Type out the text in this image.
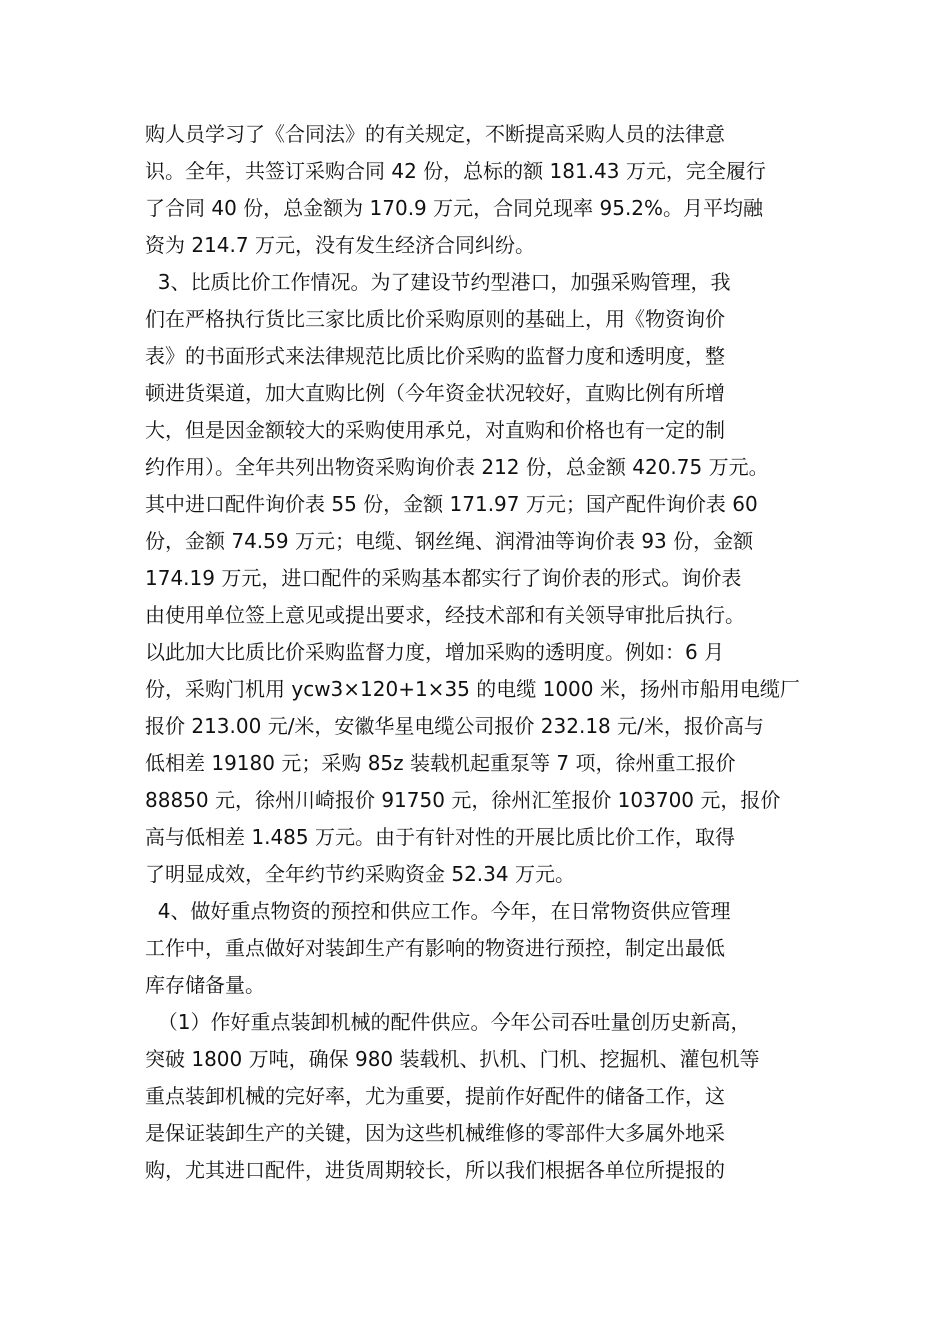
购人员学习了《合同法》的有关规定，不断提高采购人员的法律意
识。全年，共签订采购合同 42 份，总标的额 181.43 万元，完全履行
了合同 40 份，总金额为 170.9 万元，合同兑现率 95.2%。月平均融
资为 214.7 万元，没有发生经济合同纠纷。
3、比质比价工作情况。为了建设节约型港口，加强采购管理，我
们在严格执行货比三家比质比价采购原则的基础上，用《物资询价
表》的书面形式来法律规范比质比价采购的监督力度和透明度，整
顿进货渠道，加大直购比例（今年资金状况较好，直购比例有所增
大，但是因金额较大的采购使用承兑，对直购和价格也有一定的制
约作用）。全年共列出物资采购询价表 212 份，总金额 420.75 万元。
其中进口配件询价表 55 份，金额 171.97 万元；国产配件询价表 60
份，金额 74.59 万元；电缆、钢丝绳、润滑油等询价表 93 份，金额
174.19 万元，进口配件的采购基本都实行了询价表的形式。询价表
由使用单位签上意见或提出要求，经技术部和有关领导审批后执行。
以此加大比质比价采购监督力度，增加采购的透明度。例如：6 月
份，采购门机用 ycw3×120+1×35 的电缆 1000 米，扬州市船用电缆厂
报价 213.00 元/米，安徽华星电缆公司报价 232.18 元/米，报价高与
低相差 19180 元；采购 85z 装载机起重泵等 7 项，徐州重工报价
88850 元，徐州川崎报价 91750 元，徐州汇笙报价 103700 元，报价
高与低相差 1.485 万元。由于有针对性的开展比质比价工作，取得
了明显成效，全年约节约采购资金 52.34 万元。
4、做好重点物资的预控和供应工作。今年，在日常物资供应管理
工作中，重点做好对装卸生产有影响的物资进行预控，制定出最低
库存储备量。
（1）作好重点装卸机械的配件供应。今年公司吞吐量创历史新高，
突破 1800 万吨，确保 980 装载机、扒机、门机、挖掘机、灌包机等
重点装卸机械的完好率，尤为重要，提前作好配件的储备工作，这
是保证装卸生产的关键，因为这些机械维修的零部件大多属外地采
购，尤其进口配件，进货周期较长，所以我们根据各单位所提报的
